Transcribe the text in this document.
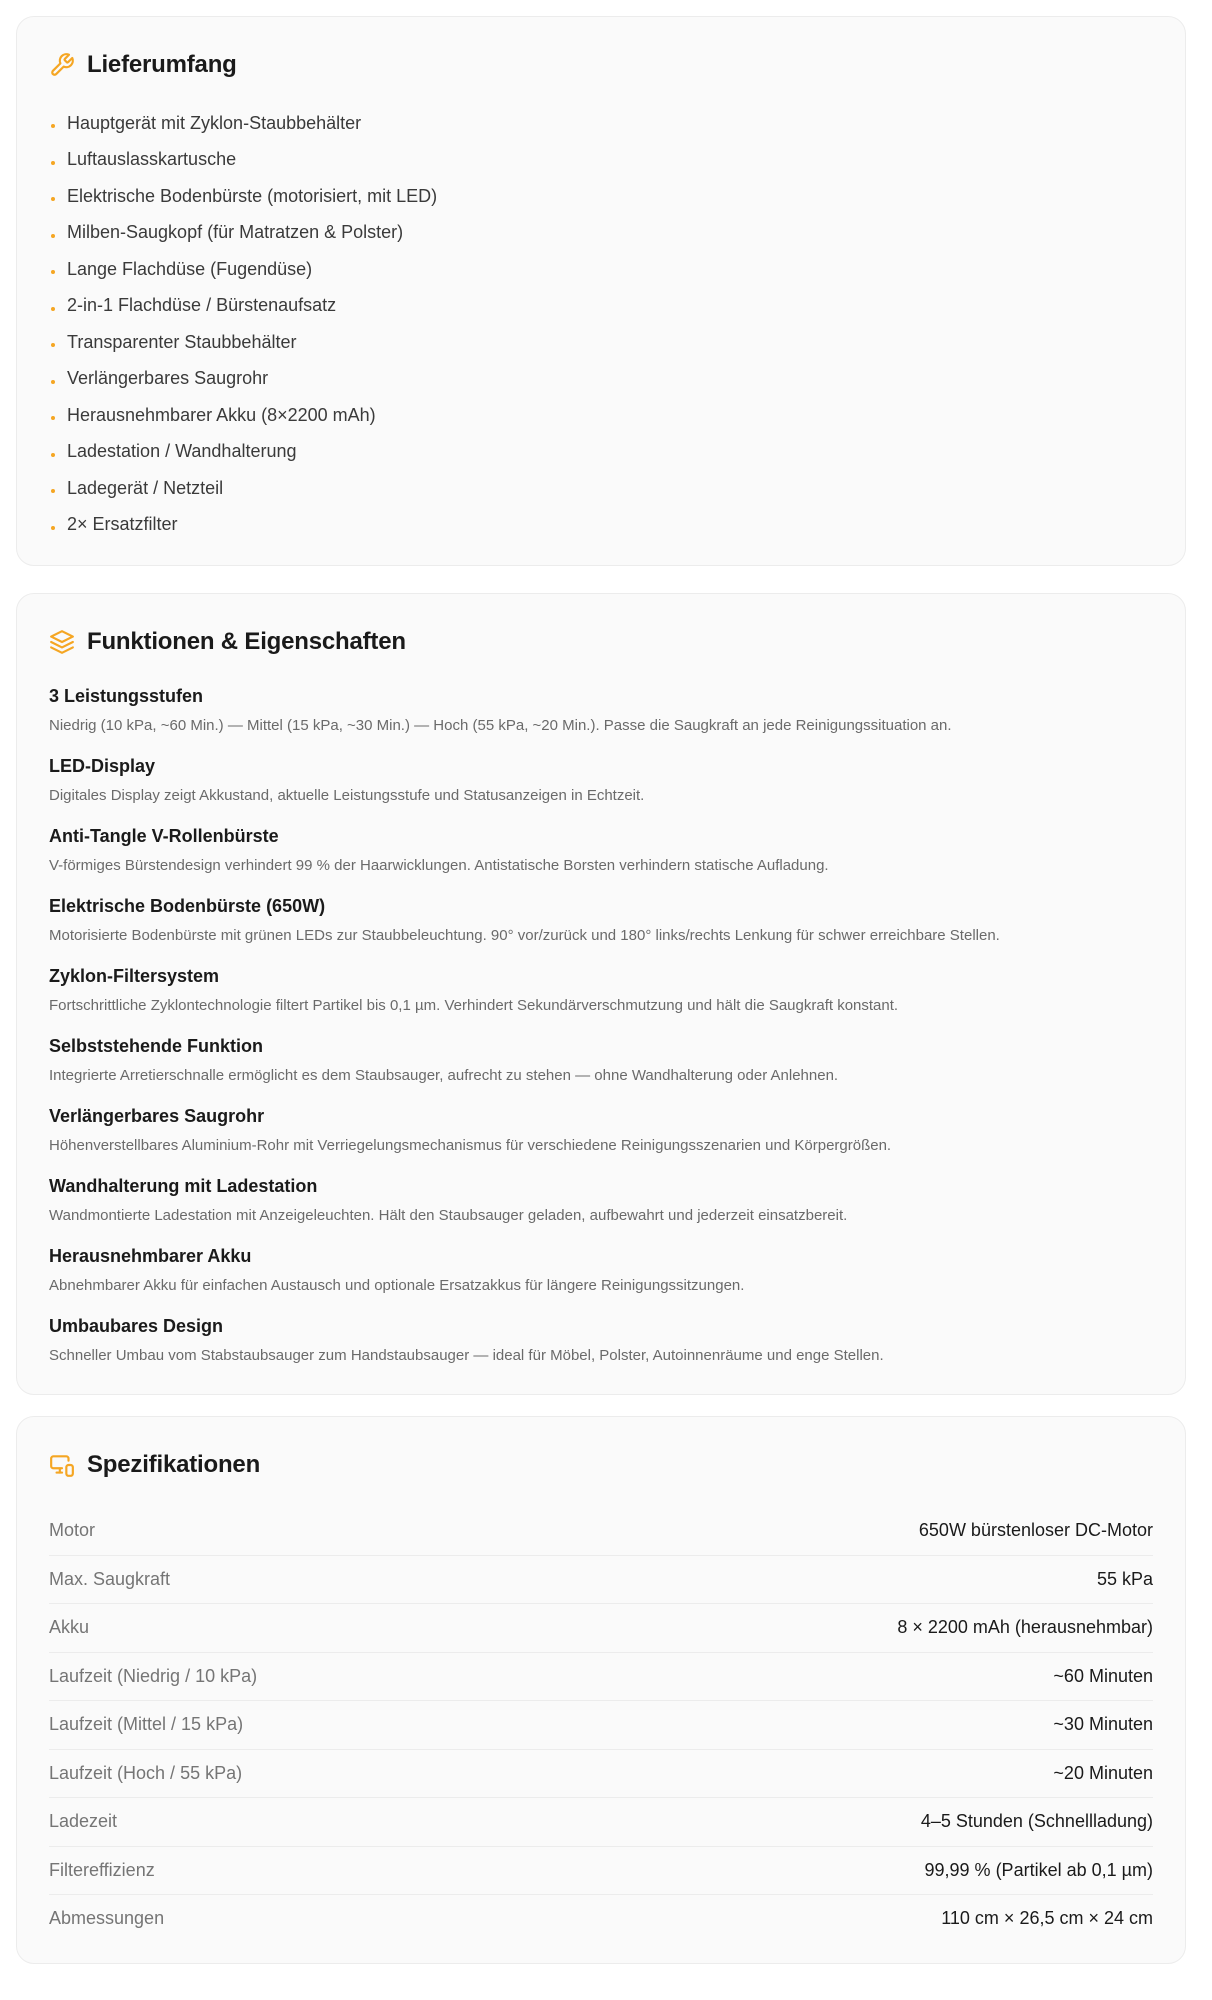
Lieferumfang
Hauptgerät mit Zyklon-Staubbehälter
Luftauslasskartusche
Elektrische Bodenbürste (motorisiert, mit LED)
Milben-Saugkopf (für Matratzen & Polster)
Lange Flachdüse (Fugendüse)
2-in-1 Flachdüse / Bürstenaufsatz
Transparenter Staubbehälter
Verlängerbares Saugrohr
Herausnehmbarer Akku (8×2200 mAh)
Ladestation / Wandhalterung
Ladegerät / Netzteil
2× Ersatzfilter
Funktionen & Eigenschaften
3 Leistungsstufen
Niedrig (10 kPa, ~60 Min.) — Mittel (15 kPa, ~30 Min.) — Hoch (55 kPa, ~20 Min.). Passe die Saugkraft an jede Reinigungssituation an.
LED-Display
Digitales Display zeigt Akkustand, aktuelle Leistungsstufe und Statusanzeigen in Echtzeit.
Anti-Tangle V-Rollenbürste
V-förmiges Bürstendesign verhindert 99 % der Haarwicklungen. Antistatische Borsten verhindern statische Aufladung.
Elektrische Bodenbürste (650W)
Motorisierte Bodenbürste mit grünen LEDs zur Staubbeleuchtung. 90° vor/zurück und 180° links/rechts Lenkung für schwer erreichbare Stellen.
Zyklon-Filtersystem
Fortschrittliche Zyklontechnologie filtert Partikel bis 0,1 µm. Verhindert Sekundärverschmutzung und hält die Saugkraft konstant.
Selbststehende Funktion
Integrierte Arretierschnalle ermöglicht es dem Staubsauger, aufrecht zu stehen — ohne Wandhalterung oder Anlehnen.
Verlängerbares Saugrohr
Höhenverstellbares Aluminium-Rohr mit Verriegelungsmechanismus für verschiedene Reinigungsszenarien und Körpergrößen.
Wandhalterung mit Ladestation
Wandmontierte Ladestation mit Anzeigeleuchten. Hält den Staubsauger geladen, aufbewahrt und jederzeit einsatzbereit.
Herausnehmbarer Akku
Abnehmbarer Akku für einfachen Austausch und optionale Ersatzakkus für längere Reinigungssitzungen.
Umbaubares Design
Schneller Umbau vom Stabstaubsauger zum Handstaubsauger — ideal für Möbel, Polster, Autoinnenräume und enge Stellen.
Spezifikationen
Motor	650W bürstenloser DC-Motor
Max. Saugkraft	55 kPa
Akku	8 × 2200 mAh (herausnehmbar)
Laufzeit (Niedrig / 10 kPa)	~60 Minuten
Laufzeit (Mittel / 15 kPa)	~30 Minuten
Laufzeit (Hoch / 55 kPa)	~20 Minuten
Ladezeit	4–5 Stunden (Schnellladung)
Filtereffizienz	99,99 % (Partikel ab 0,1 µm)
Abmessungen	110 cm × 26,5 cm × 24 cm
